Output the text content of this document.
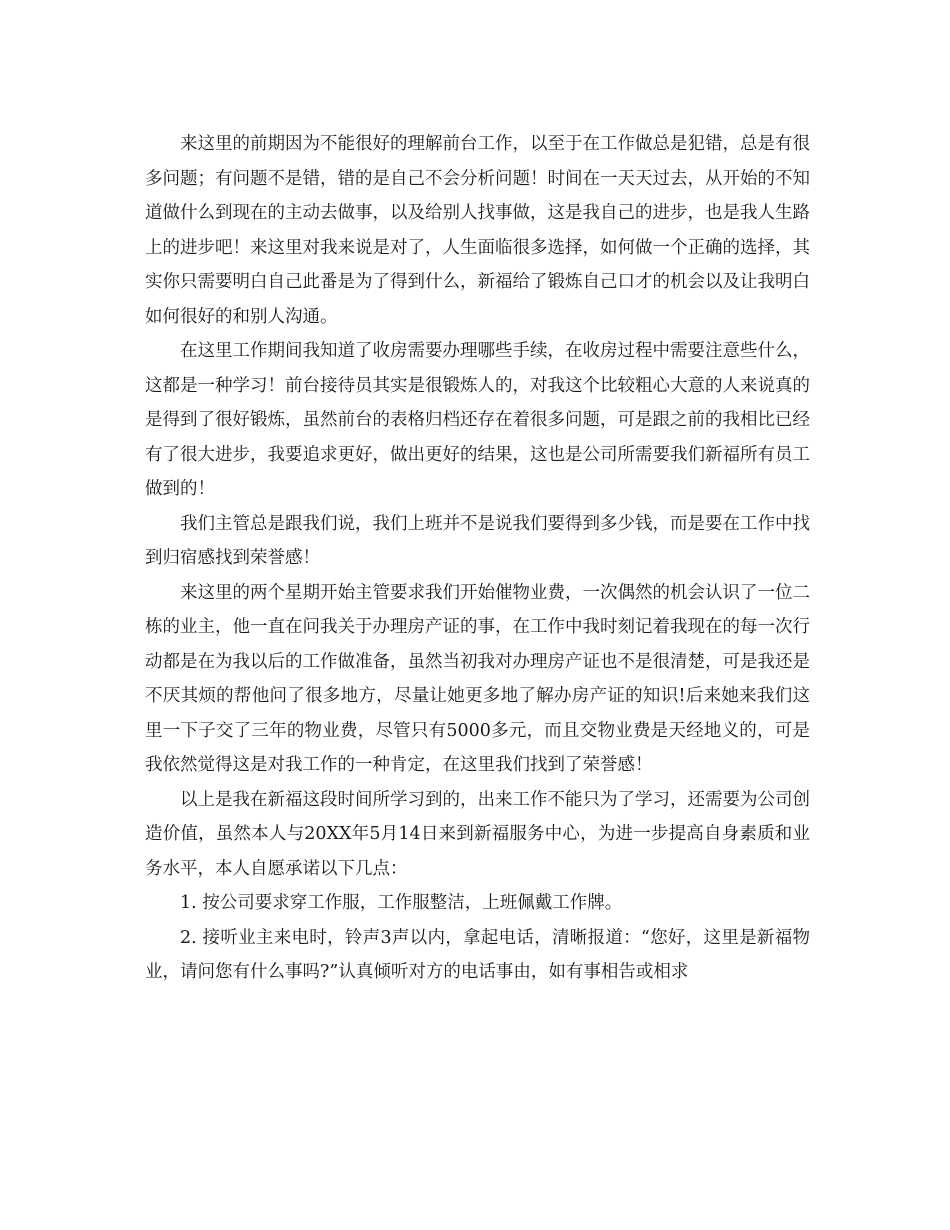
来这里的前期因为不能很好的理解前台工作，以至于在工作做总是犯错，总是有很多问题；有问题不是错，错的是自己不会分析问题！时间在一天天过去，从开始的不知道做什么到现在的主动去做事，以及给别人找事做，这是我自己的进步，也是我人生路上的进步吧！来这里对我来说是对了，人生面临很多选择，如何做一个正确的选择，其实你只需要明白自己此番是为了得到什么，新福给了锻炼自己口才的机会以及让我明白如何很好的和别人沟通。

在这里工作期间我知道了收房需要办理哪些手续，在收房过程中需要注意些什么，这都是一种学习！前台接待员其实是很锻炼人的，对我这个比较粗心大意的人来说真的是得到了很好锻炼，虽然前台的表格归档还存在着很多问题，可是跟之前的我相比已经有了很大进步，我要追求更好，做出更好的结果，这也是公司所需要我们新福所有员工做到的！

我们主管总是跟我们说，我们上班并不是说我们要得到多少钱，而是要在工作中找到归宿感找到荣誉感！

来这里的两个星期开始主管要求我们开始催物业费，一次偶然的机会认识了一位二栋的业主，他一直在问我关于办理房产证的事，在工作中我时刻记着我现在的每一次行动都是在为我以后的工作做准备，虽然当初我对办理房产证也不是很清楚，可是我还是不厌其烦的帮他问了很多地方，尽量让她更多地了解办房产证的知识!后来她来我们这里一下子交了三年的物业费，尽管只有5000多元，而且交物业费是天经地义的，可是我依然觉得这是对我工作的一种肯定，在这里我们找到了荣誉感！

以上是我在新福这段时间所学习到的，出来工作不能只为了学习，还需要为公司创造价值，虽然本人与20XX年5月14日来到新福服务中心，为进一步提高自身素质和业务水平，本人自愿承诺以下几点：

1. 按公司要求穿工作服，工作服整洁，上班佩戴工作牌。

2. 接听业主来电时，铃声3声以内，拿起电话，清晰报道：“您好，这里是新福物业，请问您有什么事吗?”认真倾听对方的电话事由，如有事相告或相求
